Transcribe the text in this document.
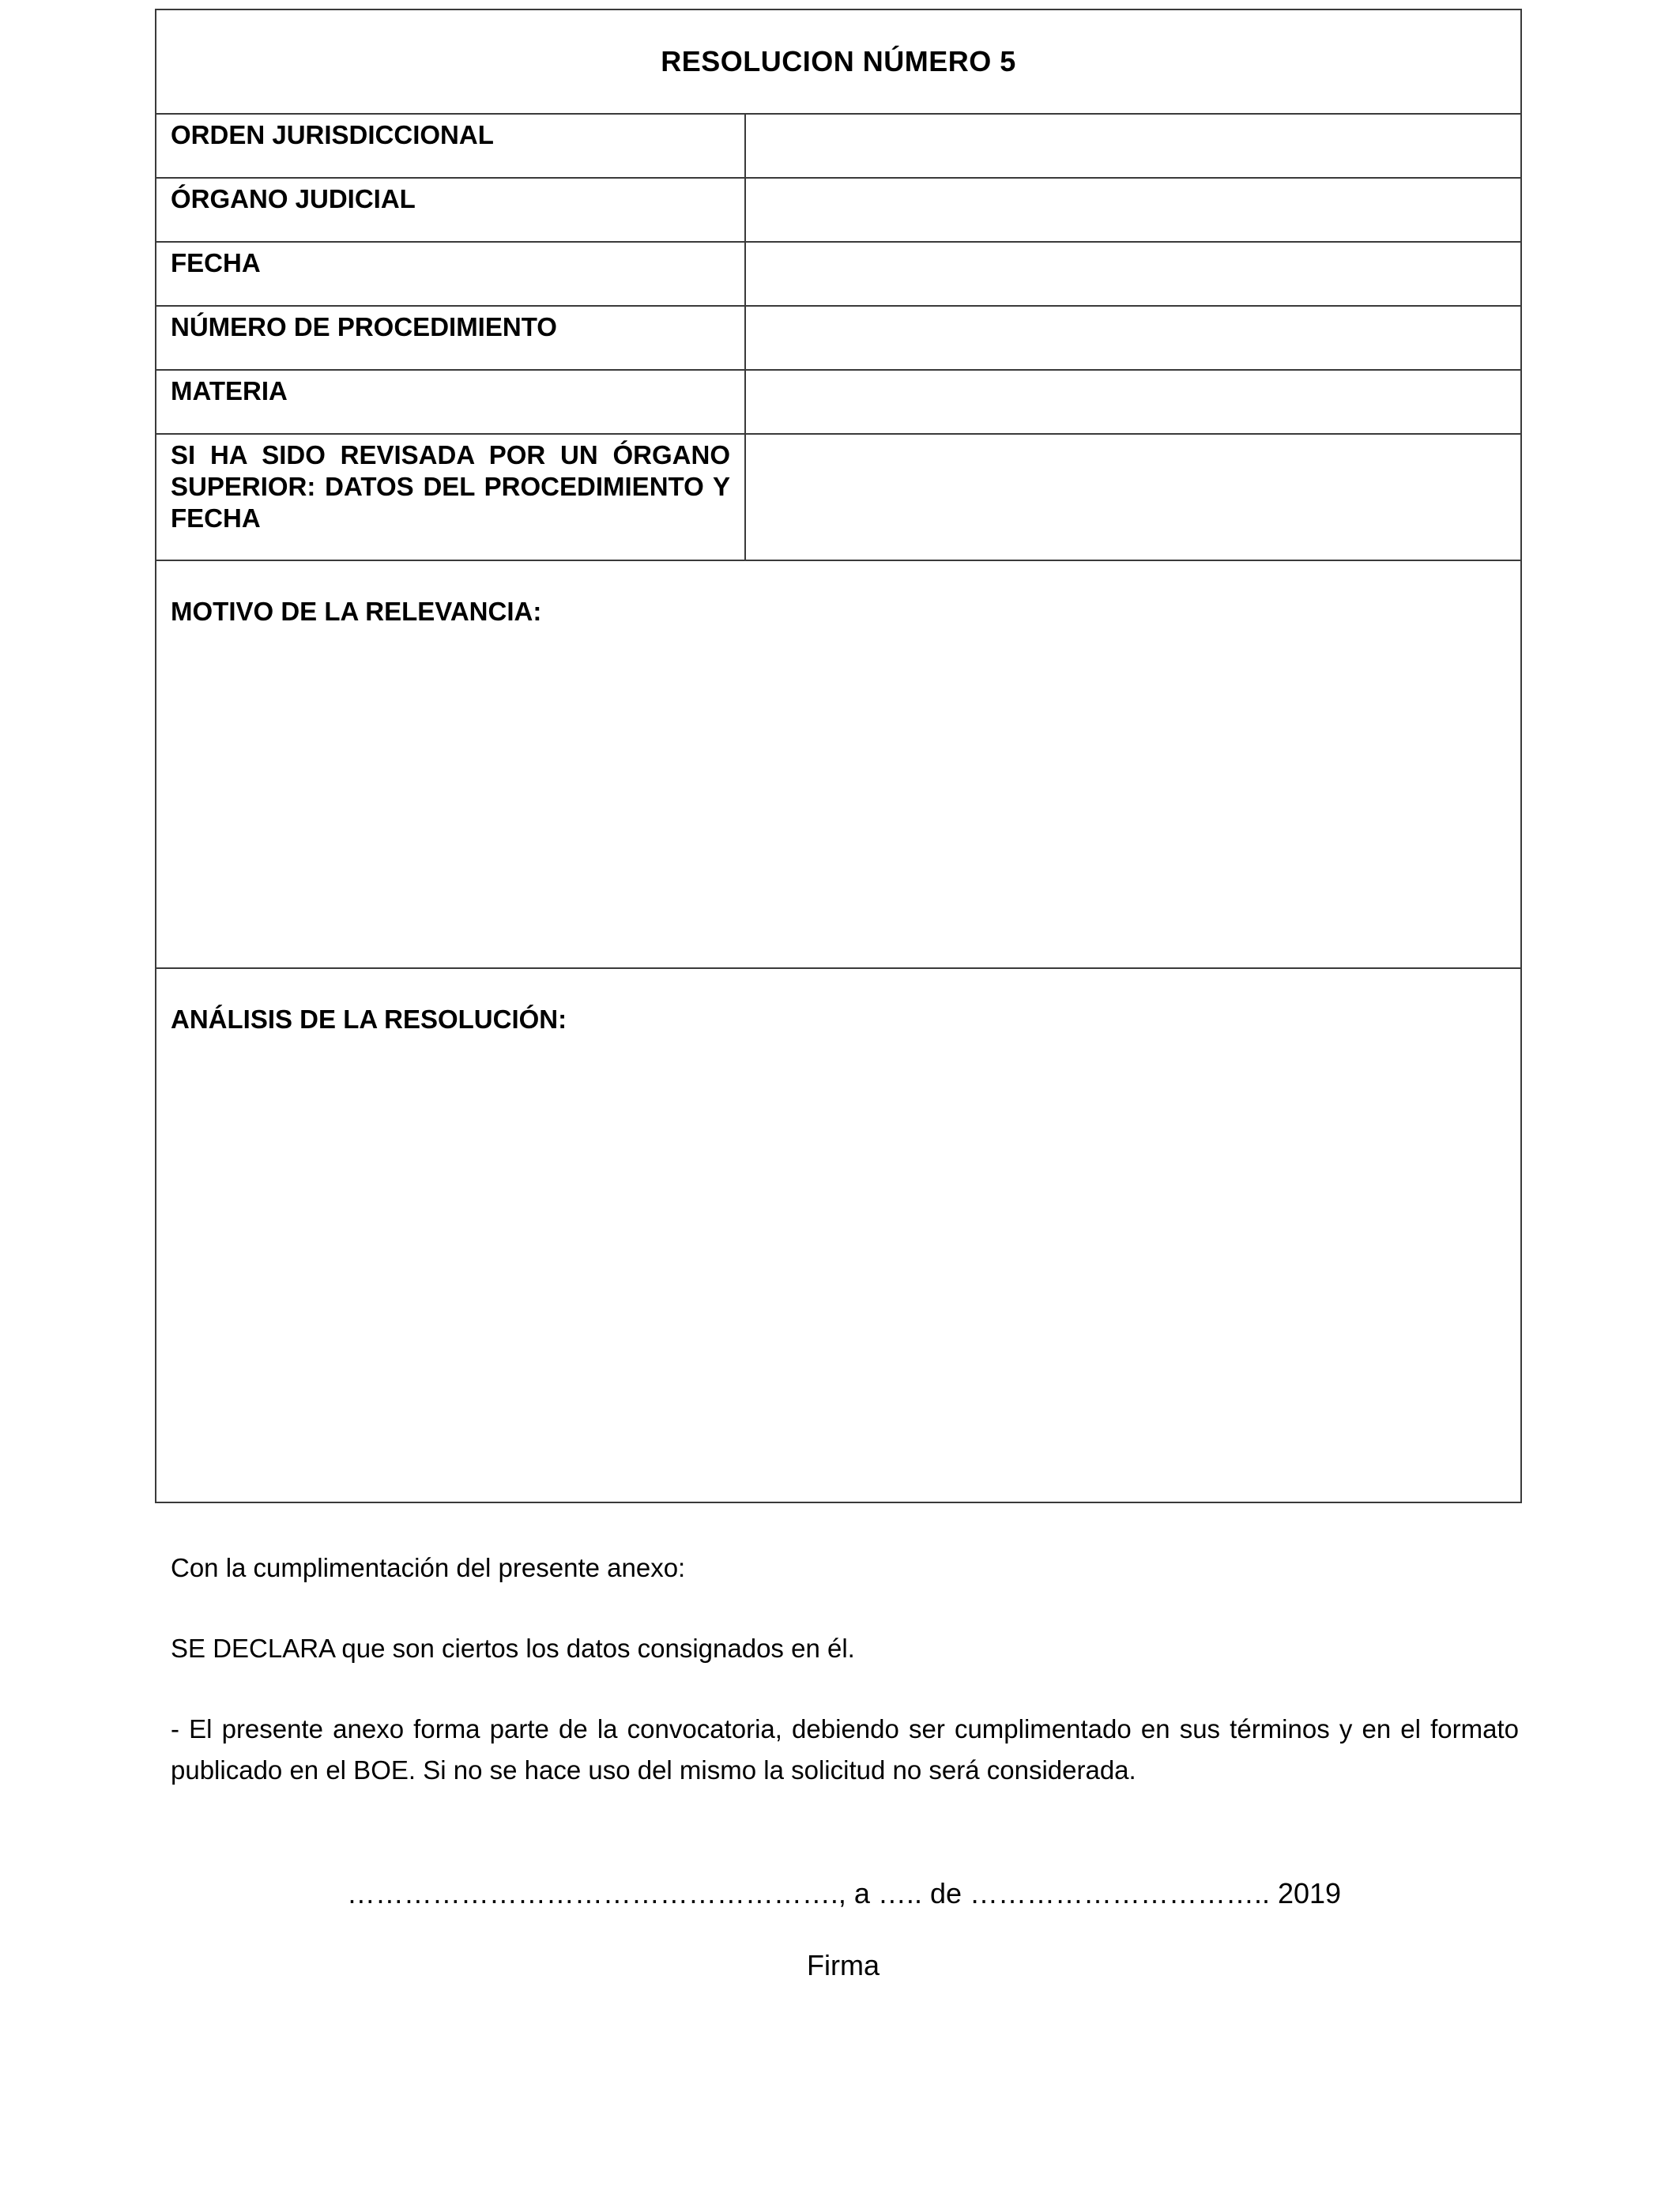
RESOLUCION NÚMERO 5
ORDEN JURISDICCIONAL
ÓRGANO JUDICIAL
FECHA
NÚMERO DE PROCEDIMIENTO
MATERIA
SI HA SIDO REVISADA POR UN ÓRGANO SUPERIOR: DATOS DEL PROCEDIMIENTO Y FECHA
MOTIVO DE LA RELEVANCIA:
ANÁLISIS DE LA RESOLUCIÓN:

Con la cumplimentación del presente anexo:

SE DECLARA que son ciertos los datos consignados en él.

- El presente anexo forma parte de la convocatoria, debiendo ser cumplimentado en sus términos y en el formato publicado en el BOE. Si no se hace uso del mismo la solicitud no será considerada.

……………………………………………., a ….. de ………………………….. 2019
Firma
